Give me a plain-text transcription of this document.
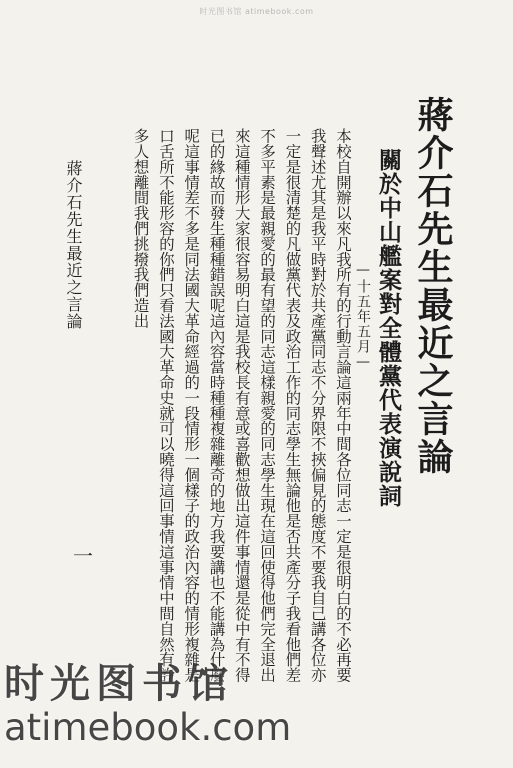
时光图书馆 atimebook.com
蔣介石先生最近之言論
關於中山艦案對全體黨代表演說詞
—十五年五月—

本校自開辦以來凡我所有的行動言論這兩年中間各位同志一定是很明白的不必再要我聲述尤其是我平時對於共產黨同志不分界限不挾偏見的態度不要我自己講各位亦一定是很清楚的凡做黨代表及政治工作的同志學生無論他是否共產分子我看他們差不多平素是最親愛的最有望的同志這樣親愛的同志學生現在這回使得他們完全退出來這種情形大家很容易明白這是我校長有意或喜歡想做出這件事情還是從中有不得已的緣故而發生種種錯誤呢這內容當時種種複雜離奇的地方我要講也不能講為什麼呢這事情差不多是同法國大革命經過的一段情形一個樣子的政治內容的情形複雜是口舌所不能形容的你們只看法國大革命史就可以曉得這回事情這事情中間自然有許多人想離間我們挑撥我們造出

蔣介石先生最近之言論
一
时光图书馆
atimebook.com
